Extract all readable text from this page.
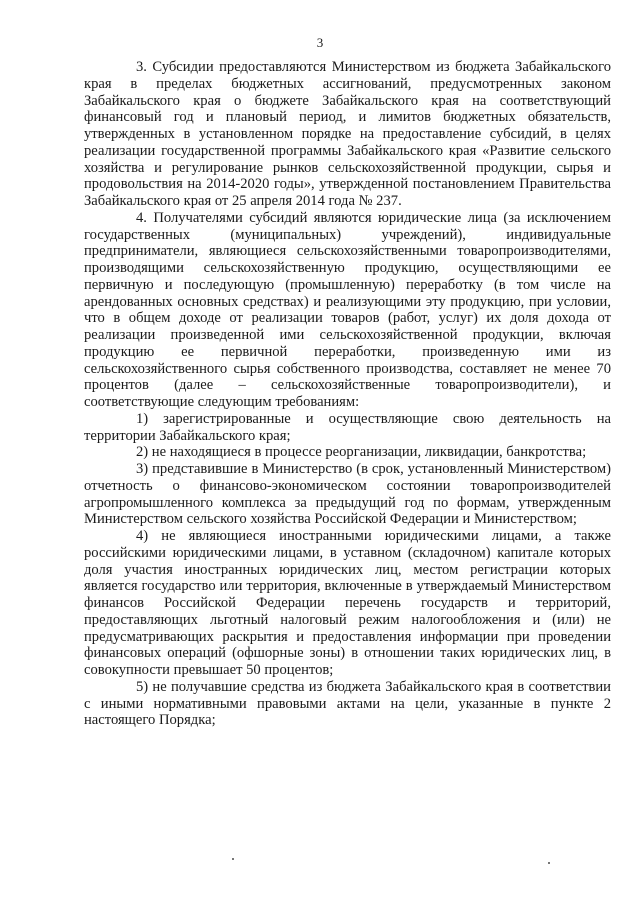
3

3. Субсидии предоставляются Министерством из бюджета Забайкальского края в пределах бюджетных ассигнований, предусмотренных законом Забайкальского края о бюджете Забайкальского края на соответствующий финансовый год и плановый период, и лимитов бюджетных обязательств, утвержденных в установленном порядке на предоставление субсидий, в целях реализации государственной программы Забайкальского края «Развитие сельского хозяйства и регулирование рынков сельскохозяйственной продукции, сырья и продовольствия на 2014-2020 годы», утвержденной постановлением Правительства Забайкальского края от 25 апреля 2014 года № 237.

4. Получателями субсидий являются юридические лица (за исключением государственных (муниципальных) учреждений), индивидуальные предприниматели, являющиеся сельскохозяйственными товаропроизводителями, производящими сельскохозяйственную продукцию, осуществляющими ее первичную и последующую (промышленную) переработку (в том числе на арендованных основных средствах) и реализующими эту продукцию, при условии, что в общем доходе от реализации товаров (работ, услуг) их доля дохода от реализации произведенной ими сельскохозяйственной продукции, включая продукцию ее первичной переработки, произведенную ими из сельскохозяйственного сырья собственного производства, составляет не менее 70 процентов (далее – сельскохозяйственные товаропроизводители), и соответствующие следующим требованиям:

1) зарегистрированные и осуществляющие свою деятельность на территории Забайкальского края;

2) не находящиеся в процессе реорганизации, ликвидации, банкротства;

3) представившие в Министерство (в срок, установленный Министерством) отчетность о финансово-экономическом состоянии товаропроизводителей агропромышленного комплекса за предыдущий год по формам, утвержденным Министерством сельского хозяйства Российской Федерации и Министерством;

4) не являющиеся иностранными юридическими лицами, а также российскими юридическими лицами, в уставном (складочном) капитале которых доля участия иностранных юридических лиц, местом регистрации которых является государство или территория, включенные в утверждаемый Министерством финансов Российской Федерации перечень государств и территорий, предоставляющих льготный налоговый режим налогообложения и (или) не предусматривающих раскрытия и предоставления информации при проведении финансовых операций (офшорные зоны) в отношении таких юридических лиц, в совокупности превышает 50 процентов;

5) не получавшие средства из бюджета Забайкальского края в соответствии с иными нормативными правовыми актами на цели, указанные в пункте 2 настоящего Порядка;
